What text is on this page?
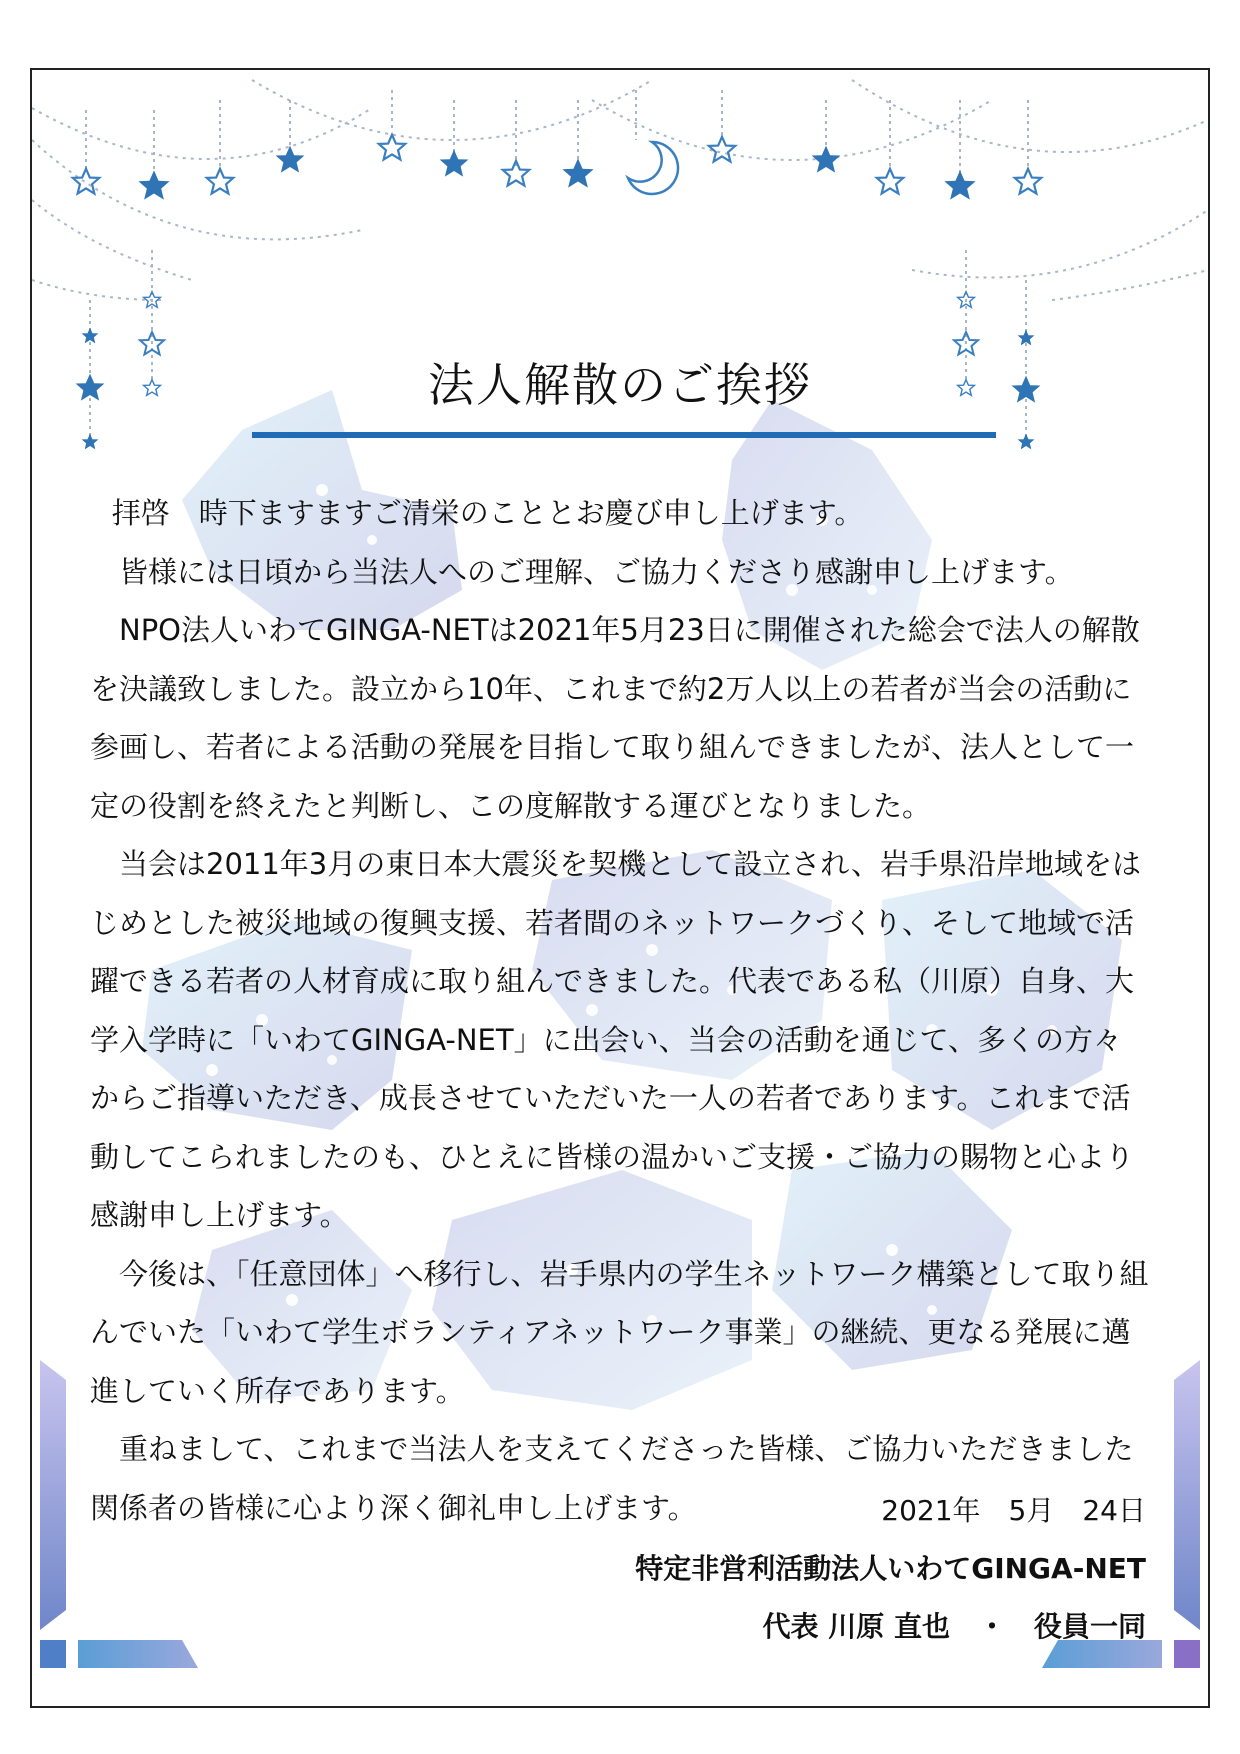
法人解散のご挨拶

拝啓　時下ますますご清栄のこととお慶び申し上げます。

皆様には日頃から当法人へのご理解、ご協力くださり感謝申し上げます。

NPO法人いわてGINGA-NETは2021年5月23日に開催された総会で法人の解散を決議致しました。設立から10年、これまで約2万人以上の若者が当会の活動に参画し、若者による活動の発展を目指して取り組んできましたが、法人として一定の役割を終えたと判断し、この度解散する運びとなりました。

当会は2011年3月の東日本大震災を契機として設立され、岩手県沿岸地域をはじめとした被災地域の復興支援、若者間のネットワークづくり、そして地域で活躍できる若者の人材育成に取り組んできました。代表である私（川原）自身、大学入学時に「いわてGINGA-NET」に出会い、当会の活動を通じて、多くの方々からご指導いただき、成長させていただいた一人の若者であります。これまで活動してこられましたのも、ひとえに皆様の温かいご支援・ご協力の賜物と心より感謝申し上げます。

今後は、「任意団体」へ移行し、岩手県内の学生ネットワーク構築として取り組んでいた「いわて学生ボランティアネットワーク事業」の継続、更なる発展に邁進していく所存であります。

重ねまして、これまで当法人を支えてくださった皆様、ご協力いただきました関係者の皆様に心より深く御礼申し上げます。	2021年　5月　24日
特定非営利活動法人いわてGINGA-NET
代表 川原 直也　・　役員一同
